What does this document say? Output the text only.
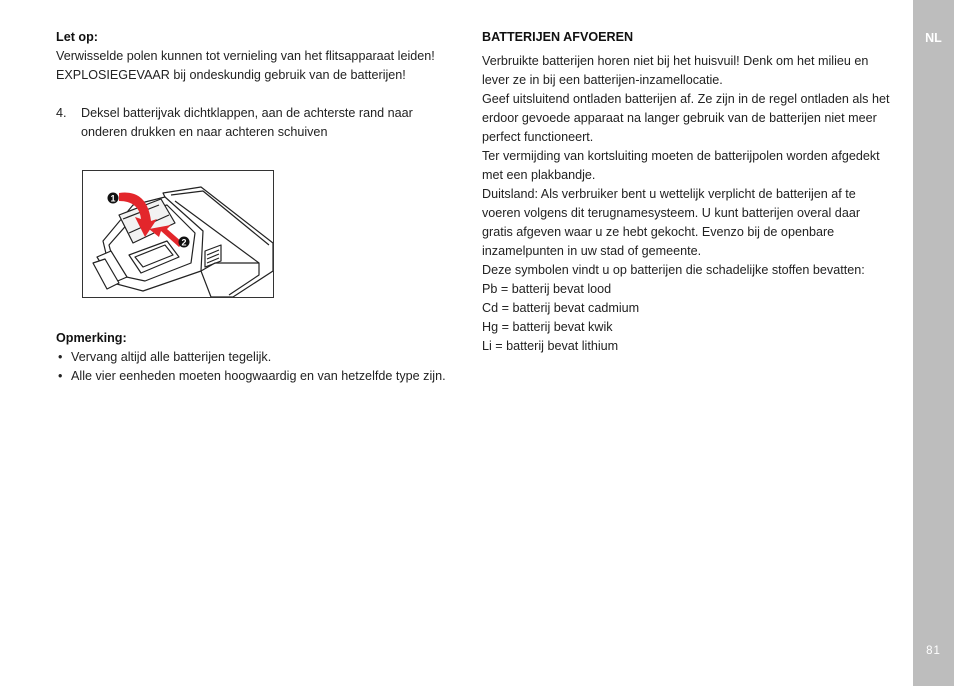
NL
81

Let op:

Verwisselde polen kunnen tot vernieling van het flitsapparaat leiden! EXPLOSIEGEVAAR bij ondeskundig gebruik van de batterijen!

4. Deksel batterijvak dichtklappen, aan de achterste rand naar onderen drukken en naar achteren schuiven
1
2

Opmerking:

• Vervang altijd alle batterijen tegelijk.
• Alle vier eenheden moeten hoogwaardig en van hetzelfde type zijn.

BATTERIJEN AFVOEREN

Verbruikte batterijen horen niet bij het huisvuil! Denk om het milieu en lever ze in bij een batterijen-inzamellocatie.

Geef uitsluitend ontladen batterijen af. Ze zijn in de regel ontladen als het erdoor gevoede apparaat na langer gebruik van de batterijen niet meer perfect functioneert.

Ter vermijding van kortsluiting moeten de batterijpolen worden afgedekt met een plakbandje.

Duitsland: Als verbruiker bent u wettelijk verplicht de batterijen af te voeren volgens dit terugnamesysteem. U kunt batterijen overal daar gratis afgeven waar u ze hebt gekocht. Evenzo bij de openbare inzamelpunten in uw stad of gemeente.

Deze symbolen vindt u op batterijen die schadelijke stoffen bevatten:

Pb = batterij bevat lood

Cd = batterij bevat cadmium

Hg = batterij bevat kwik

Li = batterij bevat lithium
